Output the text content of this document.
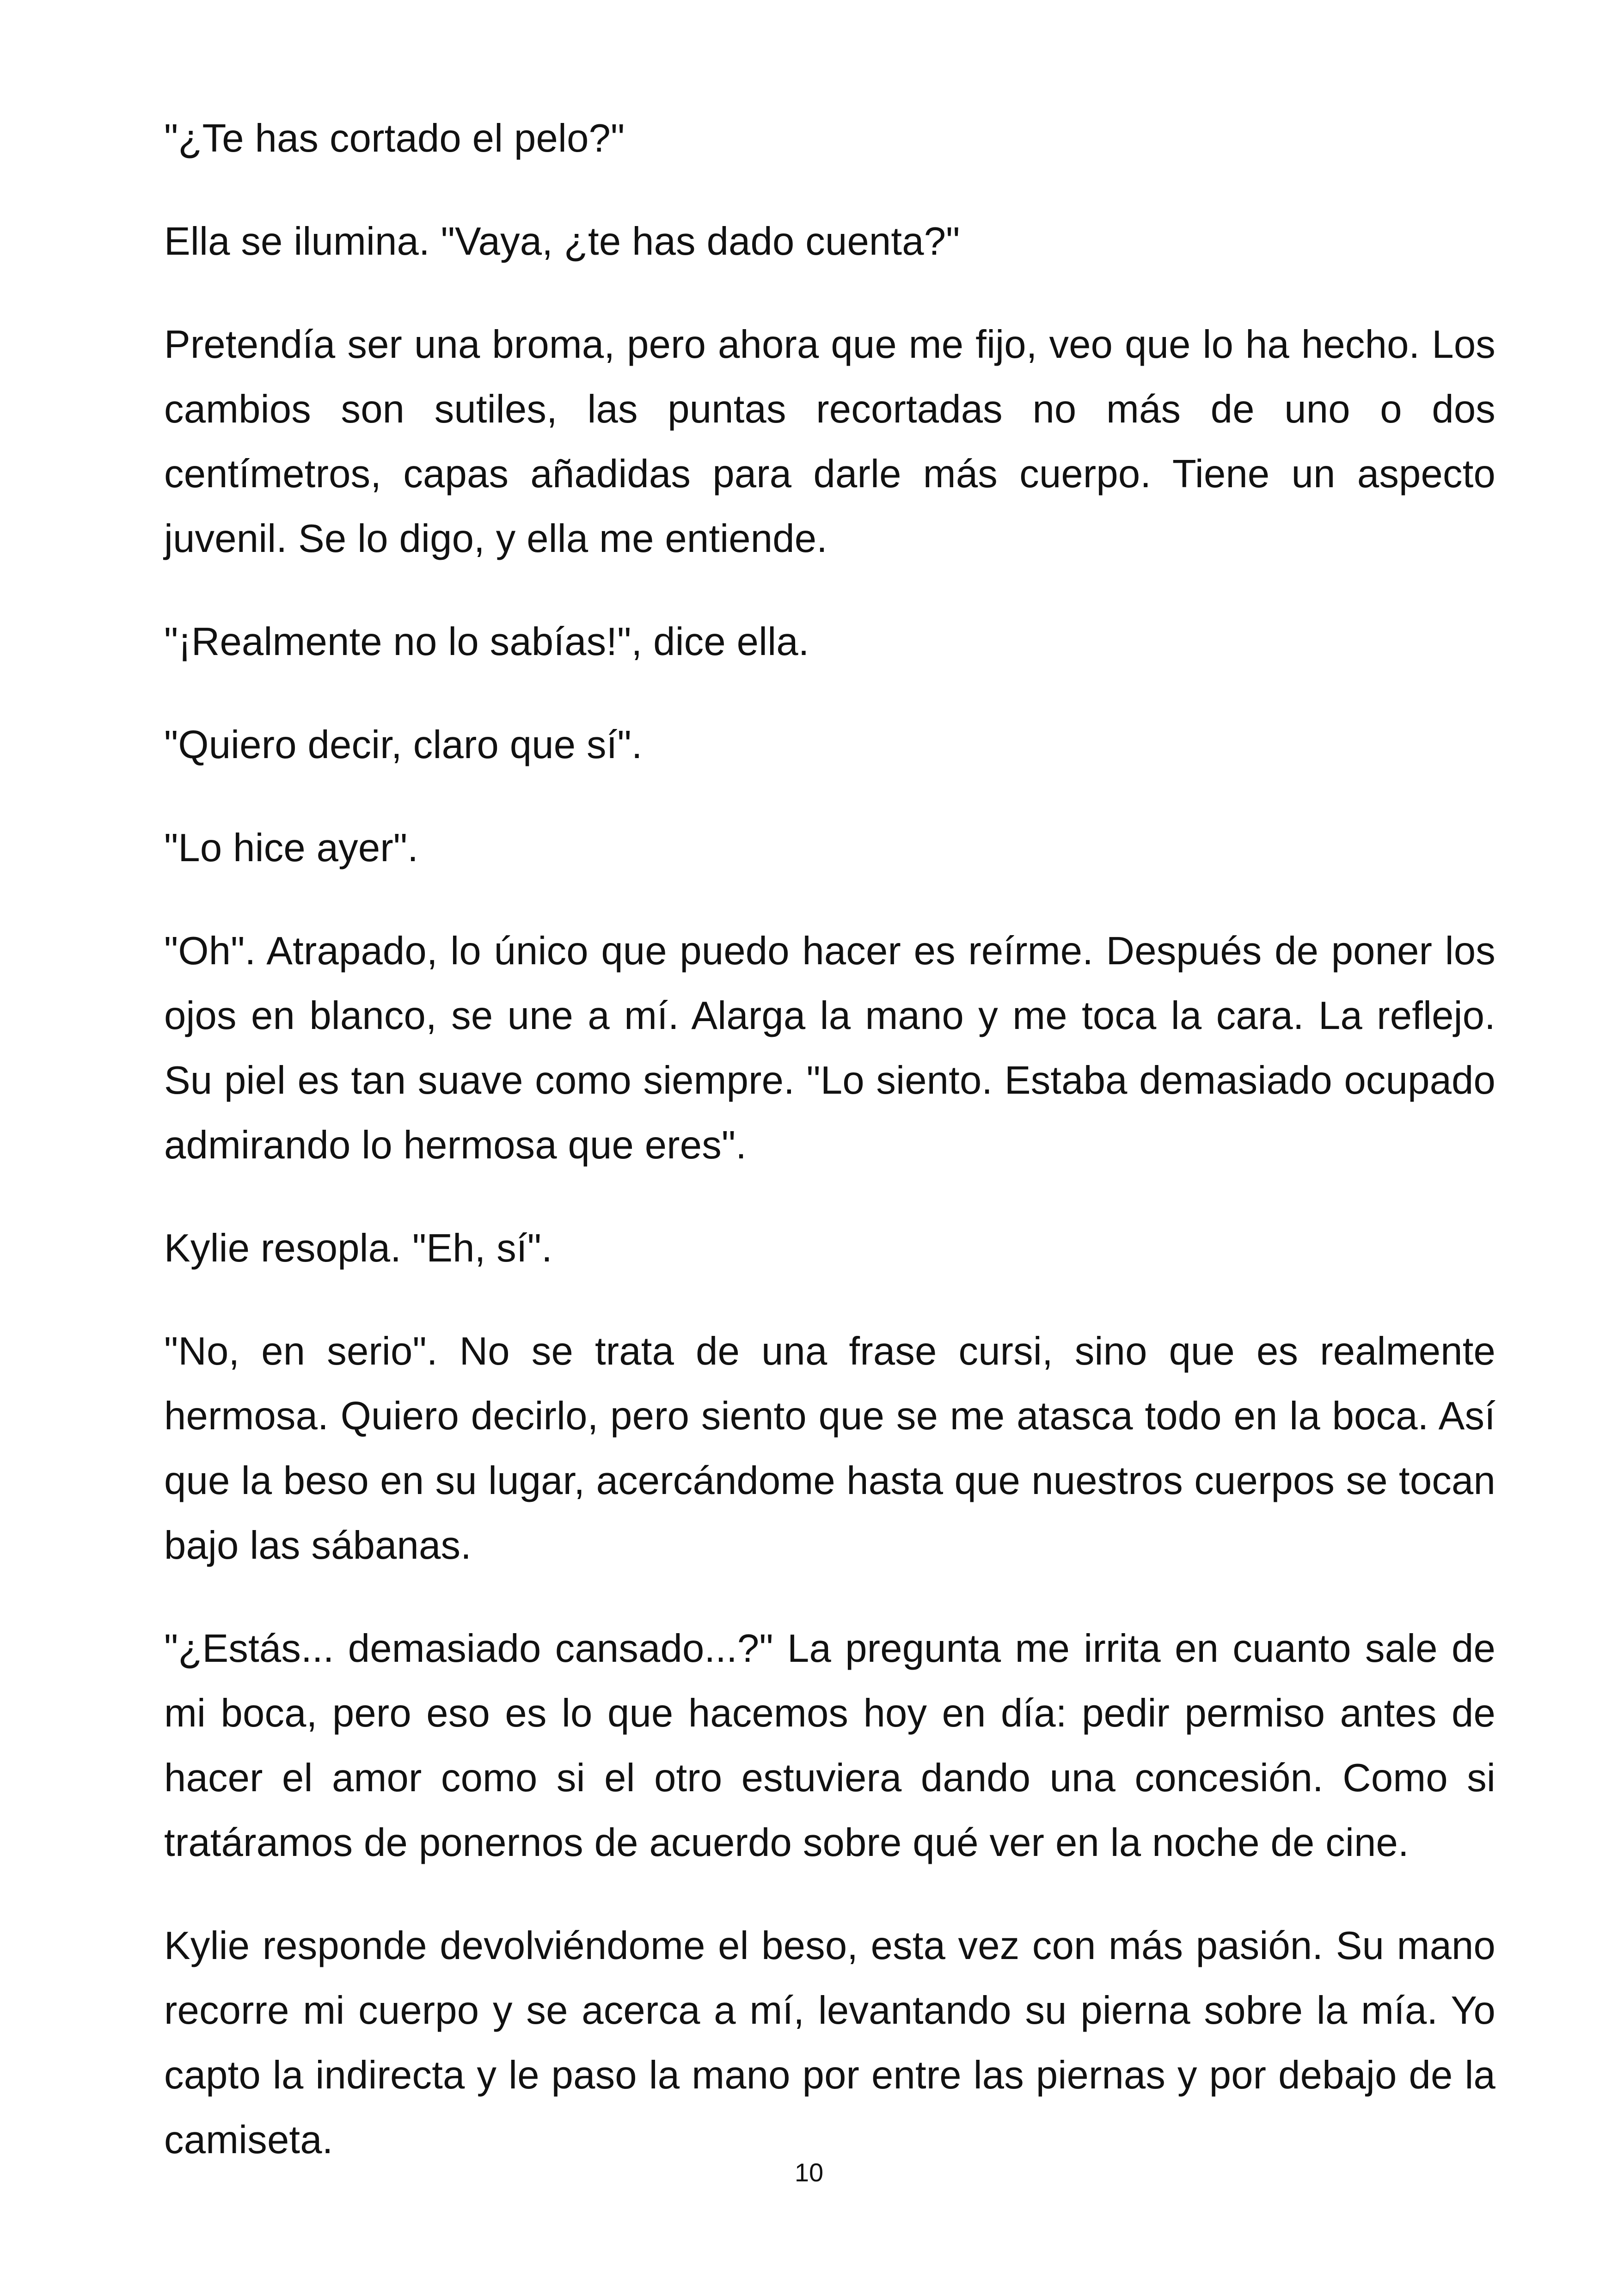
"¿Te has cortado el pelo?"

Ella se ilumina. "Vaya, ¿te has dado cuenta?"

Pretendía ser una broma, pero ahora que me fijo, veo que lo ha hecho. Los cambios son sutiles, las puntas recortadas no más de uno o dos centímetros, capas añadidas para darle más cuerpo. Tiene un aspecto juvenil. Se lo digo, y ella me entiende.

"¡Realmente no lo sabías!", dice ella.

"Quiero decir, claro que sí".

"Lo hice ayer".

"Oh". Atrapado, lo único que puedo hacer es reírme. Después de poner los ojos en blanco, se une a mí. Alarga la mano y me toca la cara. La reflejo. Su piel es tan suave como siempre. "Lo siento. Estaba demasiado ocupado admirando lo hermosa que eres".

Kylie resopla. "Eh, sí".

"No, en serio". No se trata de una frase cursi, sino que es realmente hermosa. Quiero decirlo, pero siento que se me atasca todo en la boca. Así que la beso en su lugar, acercándome hasta que nuestros cuerpos se tocan bajo las sábanas.

"¿Estás... demasiado cansado...?" La pregunta me irrita en cuanto sale de mi boca, pero eso es lo que hacemos hoy en día: pedir permiso antes de hacer el amor como si el otro estuviera dando una concesión. Como si tratáramos de ponernos de acuerdo sobre qué ver en la noche de cine.

Kylie responde devolviéndome el beso, esta vez con más pasión. Su mano recorre mi cuerpo y se acerca a mí, levantando su pierna sobre la mía. Yo capto la indirecta y le paso la mano por entre las piernas y por debajo de la camiseta.

10
